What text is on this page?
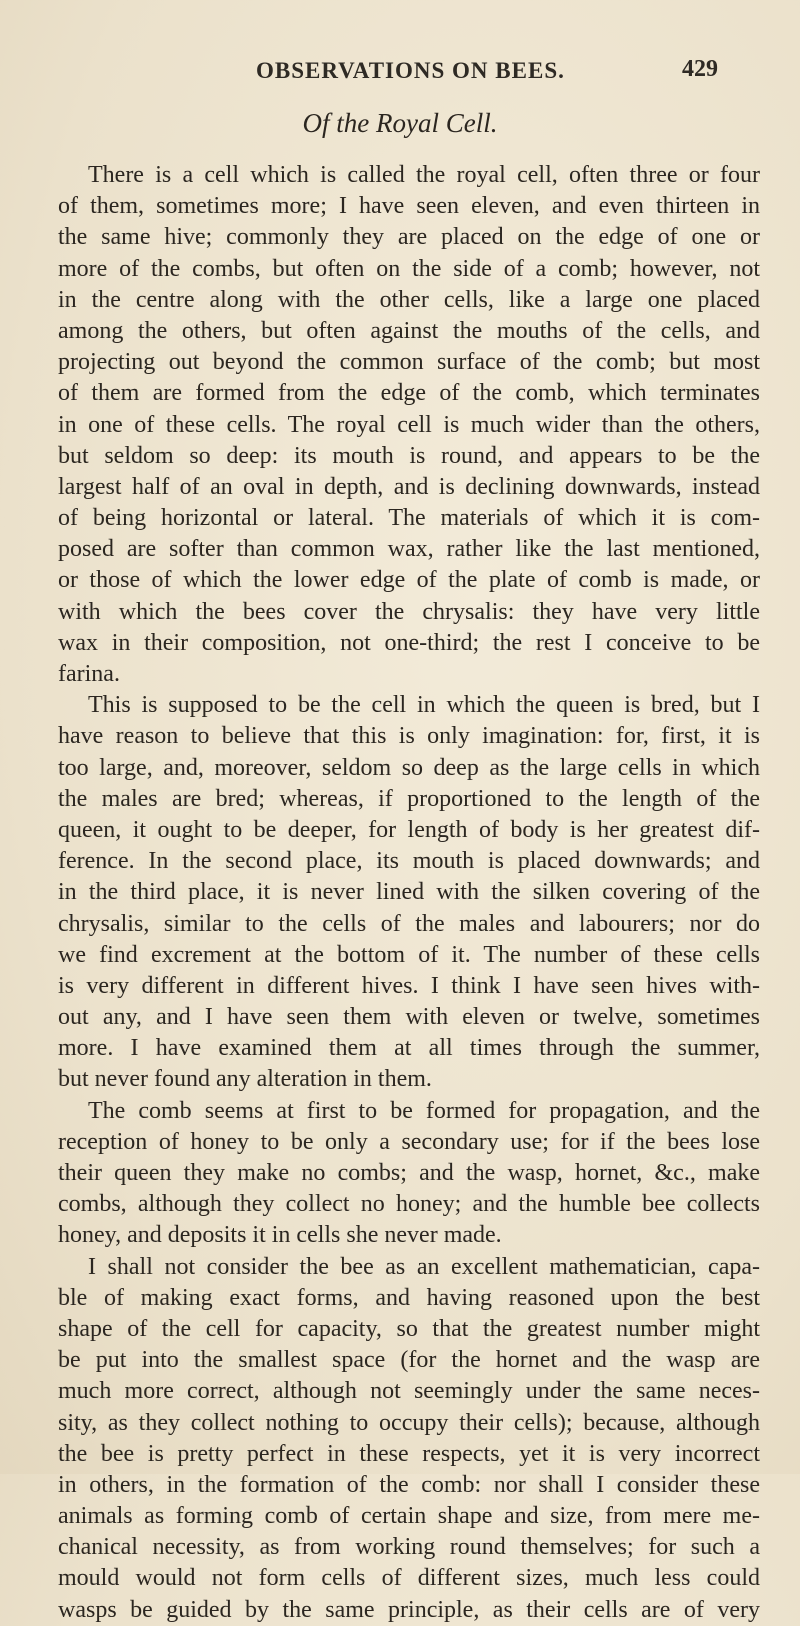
OBSERVATIONS ON BEES.	429
Of the Royal Cell.
There is a cell which is called the royal cell, often three or four
of them, sometimes more; I have seen eleven, and even thirteen in
the same hive; commonly they are placed on the edge of one or
more of the combs, but often on the side of a comb; however, not
in the centre along with the other cells, like a large one placed
among the others, but often against the mouths of the cells, and
projecting out beyond the common surface of the comb; but most
of them are formed from the edge of the comb, which terminates
in one of these cells. The royal cell is much wider than the others,
but seldom so deep: its mouth is round, and appears to be the
largest half of an oval in depth, and is declining downwards, instead
of being horizontal or lateral. The materials of which it is com-
posed are softer than common wax, rather like the last mentioned,
or those of which the lower edge of the plate of comb is made, or
with which the bees cover the chrysalis: they have very little
wax in their composition, not one-third; the rest I conceive to be
farina.
This is supposed to be the cell in which the queen is bred, but I
have reason to believe that this is only imagination: for, first, it is
too large, and, moreover, seldom so deep as the large cells in which
the males are bred; whereas, if proportioned to the length of the
queen, it ought to be deeper, for length of body is her greatest dif-
ference. In the second place, its mouth is placed downwards; and
in the third place, it is never lined with the silken covering of the
chrysalis, similar to the cells of the males and labourers; nor do
we find excrement at the bottom of it. The number of these cells
is very different in different hives. I think I have seen hives with-
out any, and I have seen them with eleven or twelve, sometimes
more. I have examined them at all times through the summer,
but never found any alteration in them.
The comb seems at first to be formed for propagation, and the
reception of honey to be only a secondary use; for if the bees lose
their queen they make no combs; and the wasp, hornet, &c., make
combs, although they collect no honey; and the humble bee collects
honey, and deposits it in cells she never made.
I shall not consider the bee as an excellent mathematician, capa-
ble of making exact forms, and having reasoned upon the best
shape of the cell for capacity, so that the greatest number might
be put into the smallest space (for the hornet and the wasp are
much more correct, although not seemingly under the same neces-
sity, as they collect nothing to occupy their cells); because, although
the bee is pretty perfect in these respects, yet it is very incorrect
in others, in the formation of the comb: nor shall I consider these
animals as forming comb of certain shape and size, from mere me-
chanical necessity, as from working round themselves; for such a
mould would not form cells of different sizes, much less could
wasps be guided by the same principle, as their cells are of very
